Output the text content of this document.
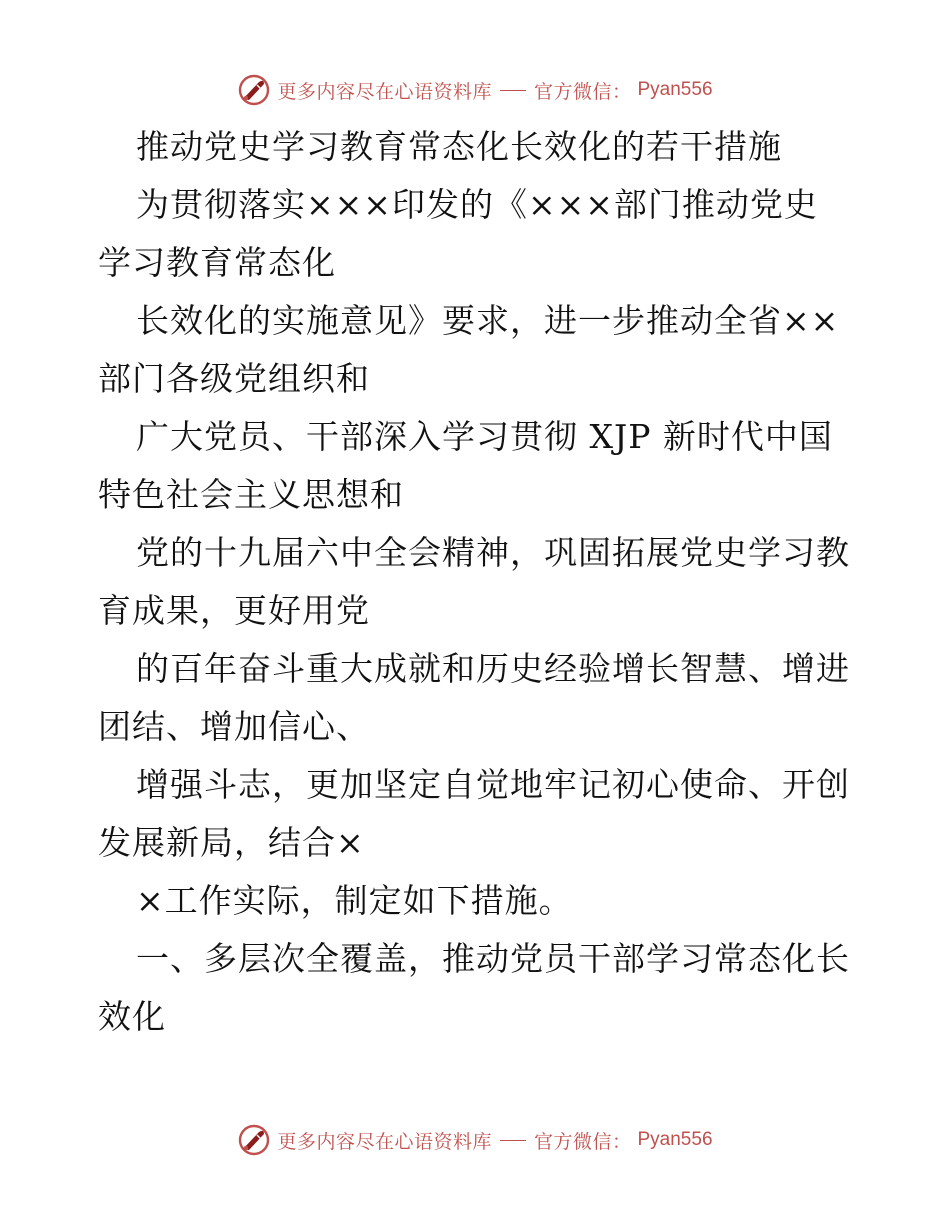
更多内容尽在心语资料库 官方微信： Pyan556
推动党史学习教育常态化长效化的若干措施
为贯彻落实×××印发的《×××部门推动党史
学习教育常态化
长效化的实施意见》要求，进一步推动全省××
部门各级党组织和
广大党员、干部深入学习贯彻 XJP 新时代中国
特色社会主义思想和
党的十九届六中全会精神，巩固拓展党史学习教
育成果，更好用党
的百年奋斗重大成就和历史经验增长智慧、增进
团结、增加信心、
增强斗志，更加坚定自觉地牢记初心使命、开创
发展新局，结合×
×工作实际，制定如下措施。
一、多层次全覆盖，推动党员干部学习常态化长
效化
更多内容尽在心语资料库 官方微信： Pyan556
